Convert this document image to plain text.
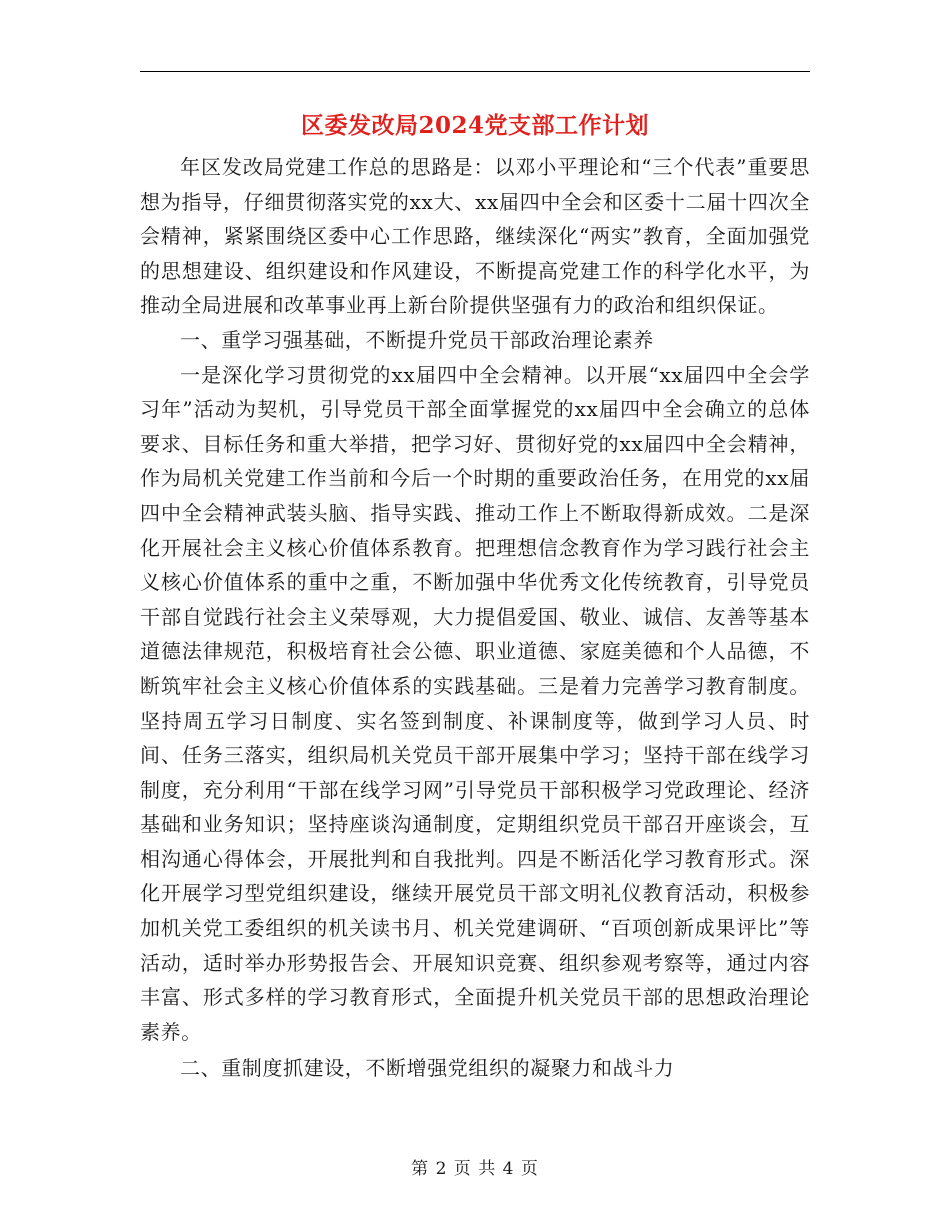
区委发改局2024党支部工作计划

年区发改局党建工作总的思路是：以邓小平理论和“三个代表”重要思想为指导，仔细贯彻落实党的xx大、xx届四中全会和区委十二届十四次全会精神，紧紧围绕区委中心工作思路，继续深化“两实”教育，全面加强党的思想建设、组织建设和作风建设，不断提高党建工作的科学化水平，为推动全局进展和改革事业再上新台阶提供坚强有力的政治和组织保证。

一、重学习强基础，不断提升党员干部政治理论素养

一是深化学习贯彻党的xx届四中全会精神。以开展“xx届四中全会学习年”活动为契机，引导党员干部全面掌握党的xx届四中全会确立的总体要求、目标任务和重大举措，把学习好、贯彻好党的xx届四中全会精神，作为局机关党建工作当前和今后一个时期的重要政治任务，在用党的xx届四中全会精神武装头脑、指导实践、推动工作上不断取得新成效。二是深化开展社会主义核心价值体系教育。把理想信念教育作为学习践行社会主义核心价值体系的重中之重，不断加强中华优秀文化传统教育，引导党员干部自觉践行社会主义荣辱观，大力提倡爱国、敬业、诚信、友善等基本道德法律规范，积极培育社会公德、职业道德、家庭美德和个人品德，不断筑牢社会主义核心价值体系的实践基础。三是着力完善学习教育制度。坚持周五学习日制度、实名签到制度、补课制度等，做到学习人员、时间、任务三落实，组织局机关党员干部开展集中学习；坚持干部在线学习制度，充分利用“干部在线学习网”引导党员干部积极学习党政理论、经济基础和业务知识；坚持座谈沟通制度，定期组织党员干部召开座谈会，互相沟通心得体会，开展批判和自我批判。四是不断活化学习教育形式。深化开展学习型党组织建设，继续开展党员干部文明礼仪教育活动，积极参加机关党工委组织的机关读书月、机关党建调研、“百项创新成果评比”等活动，适时举办形势报告会、开展知识竞赛、组织参观考察等，通过内容丰富、形式多样的学习教育形式，全面提升机关党员干部的思想政治理论素养。

二、重制度抓建设，不断增强党组织的凝聚力和战斗力

第 2 页 共 4 页
